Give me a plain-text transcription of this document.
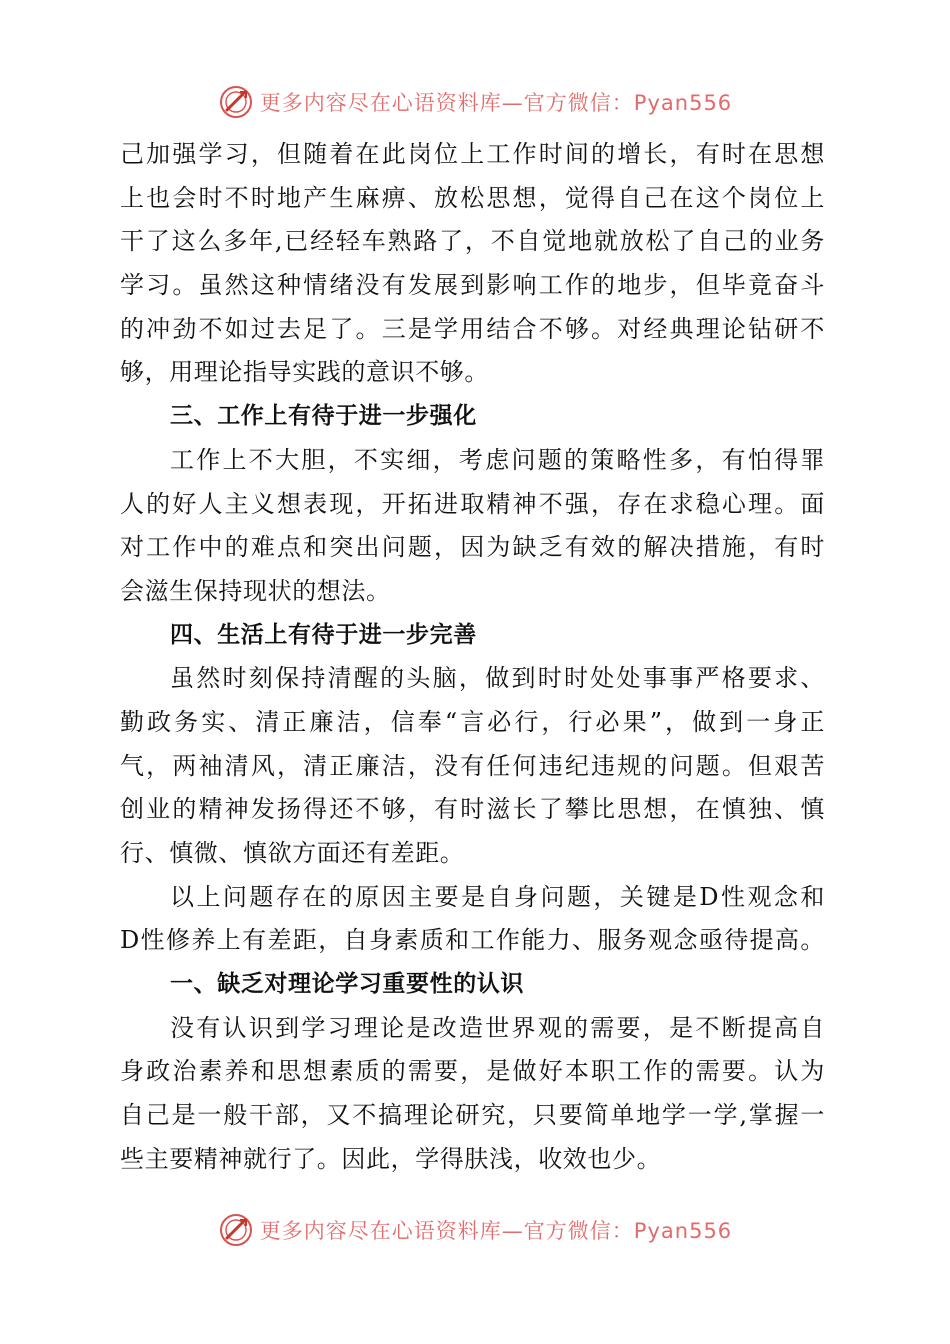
更多内容尽在心语资料库—官方微信：Pyan556
己加强学习，但随着在此岗位上工作时间的增长，有时在思想
上也会时不时地产生麻痹、放松思想，觉得自己在这个岗位上
干了这么多年,已经轻车熟路了，不自觉地就放松了自己的业务
学习。虽然这种情绪没有发展到影响工作的地步，但毕竟奋斗
的冲劲不如过去足了。三是学用结合不够。对经典理论钻研不
够，用理论指导实践的意识不够。
三、工作上有待于进一步强化
工作上不大胆，不实细，考虑问题的策略性多，有怕得罪
人的好人主义想表现，开拓进取精神不强，存在求稳心理。面
对工作中的难点和突出问题，因为缺乏有效的解决措施，有时
会滋生保持现状的想法。
四、生活上有待于进一步完善
虽然时刻保持清醒的头脑，做到时时处处事事严格要求、
勤政务实、清正廉洁，信奉“言必行，行必果”，做到一身正
气，两袖清风，清正廉洁，没有任何违纪违规的问题。但艰苦
创业的精神发扬得还不够，有时滋长了攀比思想，在慎独、慎
行、慎微、慎欲方面还有差距。
以上问题存在的原因主要是自身问题，关键是D性观念和
D性修养上有差距，自身素质和工作能力、服务观念亟待提高。
一、缺乏对理论学习重要性的认识
没有认识到学习理论是改造世界观的需要，是不断提高自
身政治素养和思想素质的需要，是做好本职工作的需要。认为
自己是一般干部，又不搞理论研究，只要简单地学一学,掌握一
些主要精神就行了。因此，学得肤浅，收效也少。
更多内容尽在心语资料库—官方微信：Pyan556
